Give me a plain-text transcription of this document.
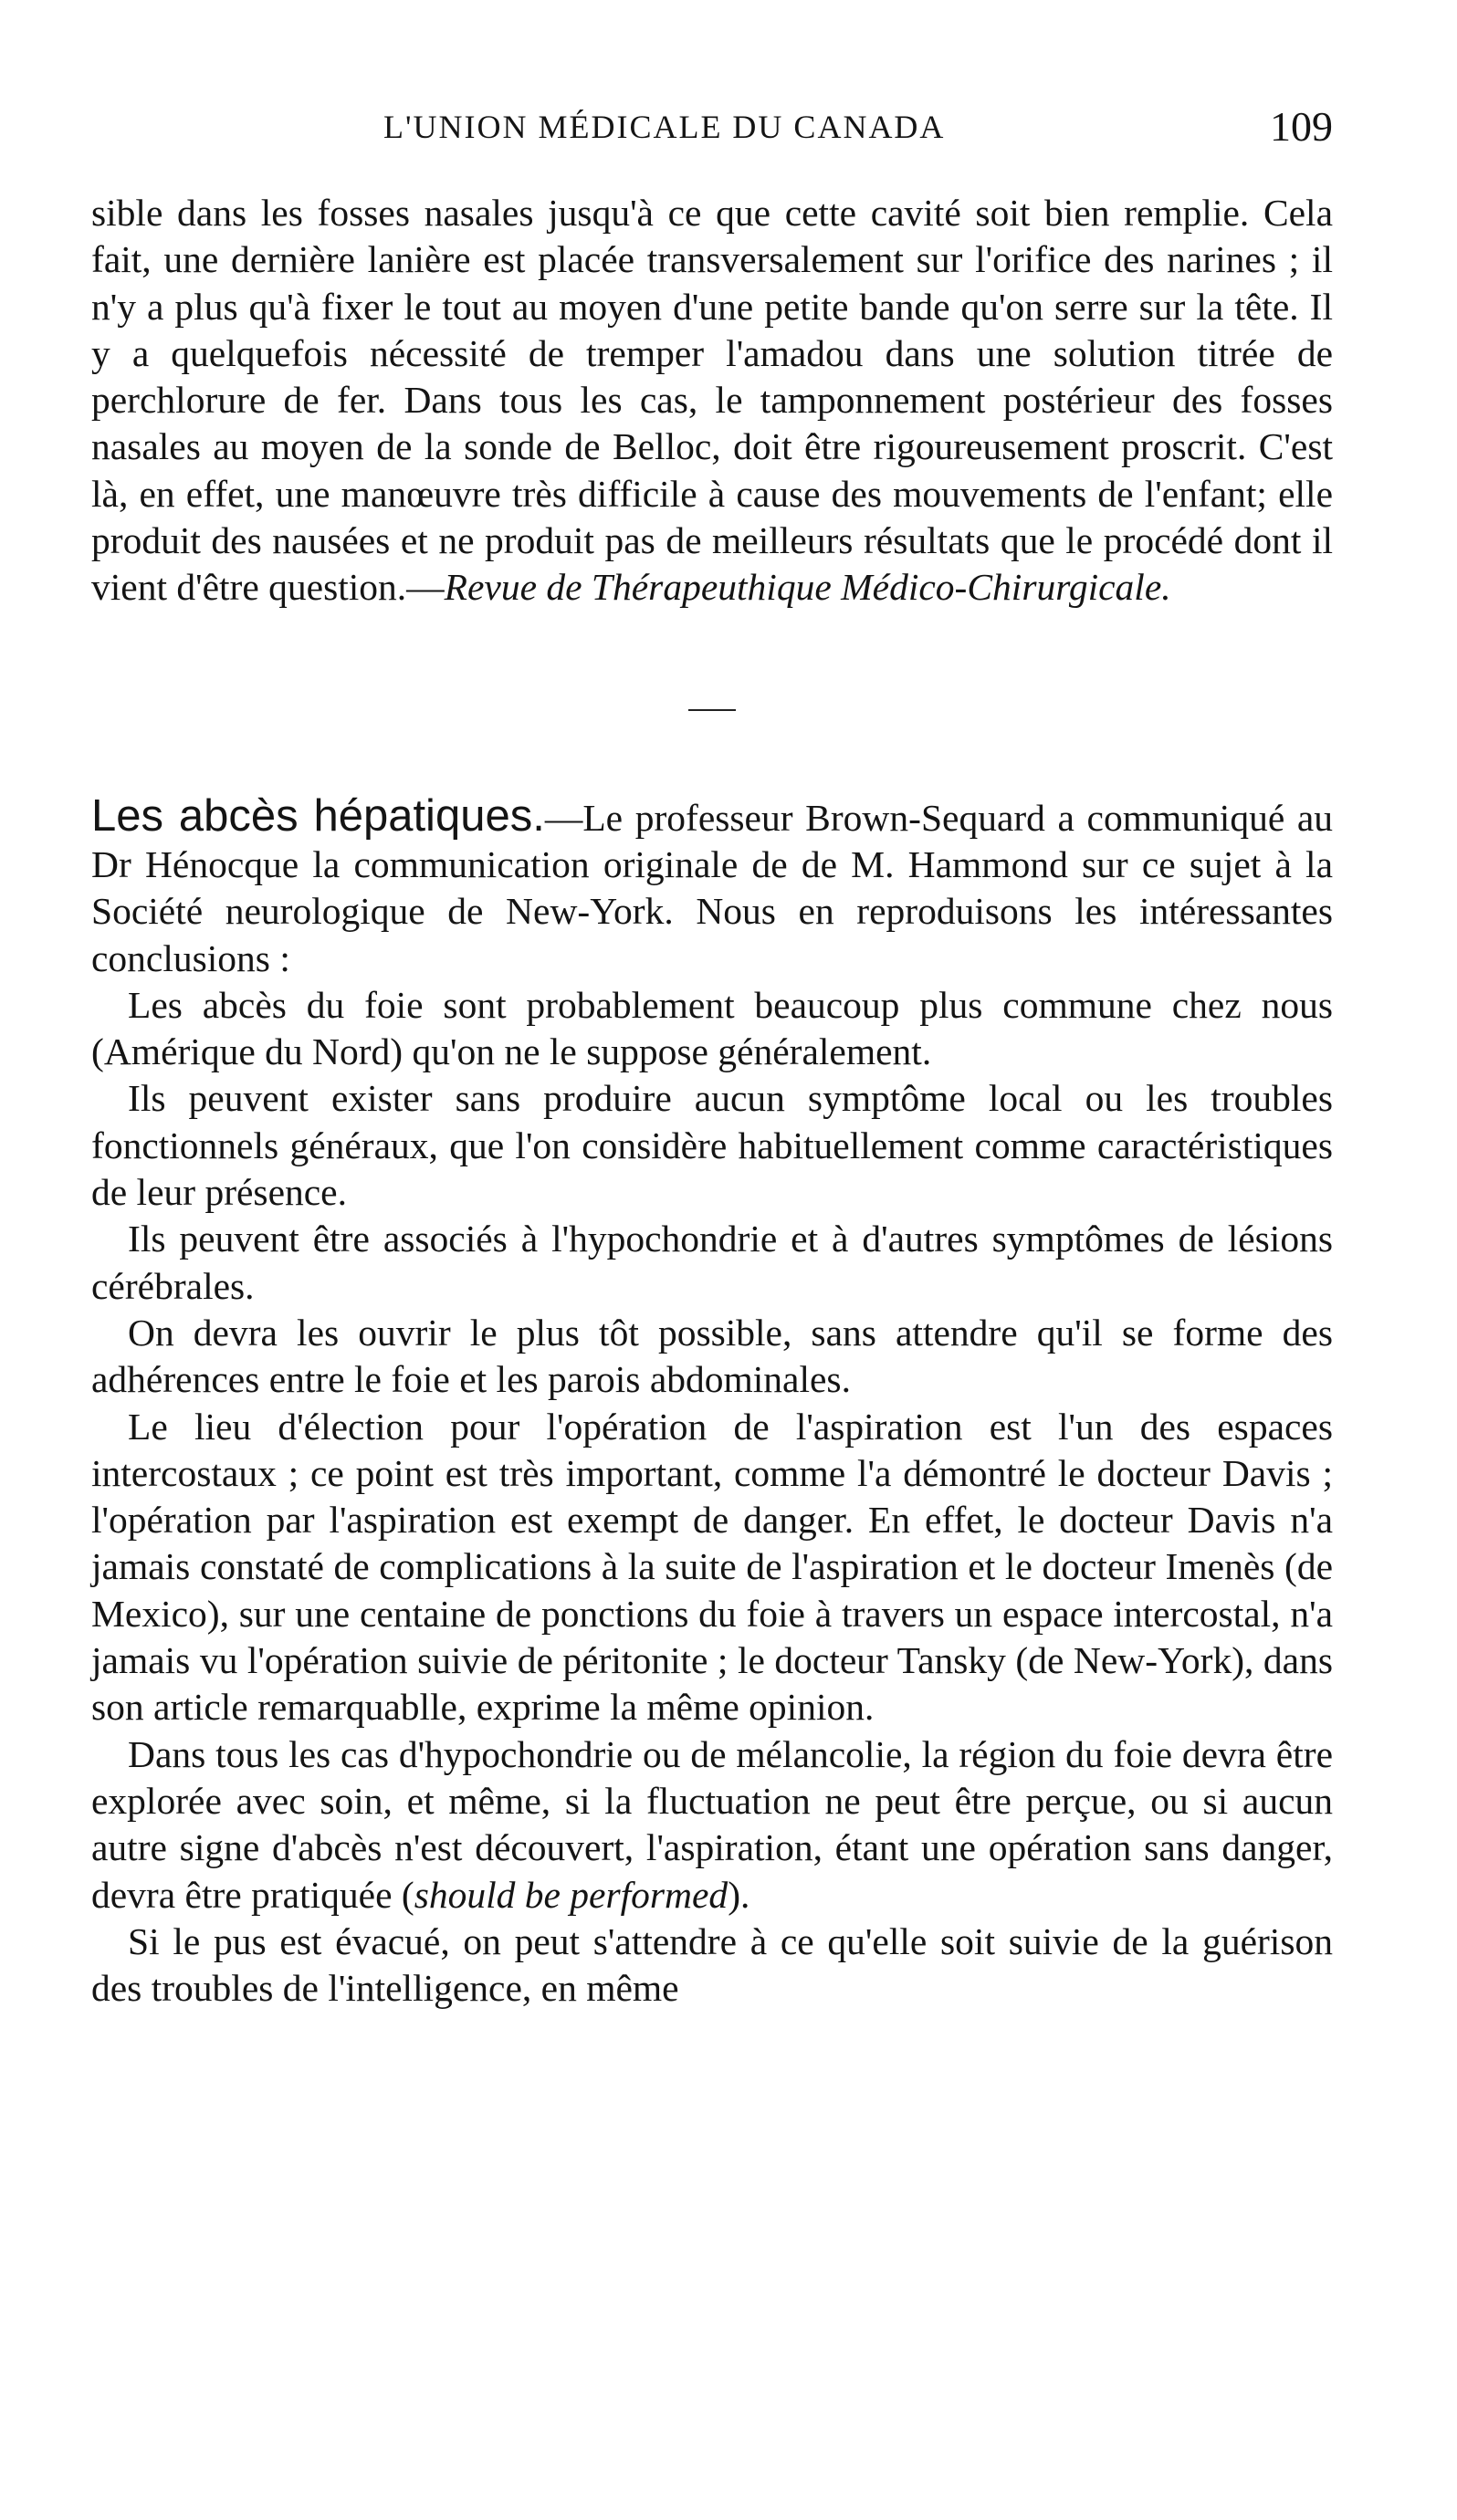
L'UNION MÉDICALE DU CANADA	109

sible dans les fosses nasales jusqu'à ce que cette cavité soit bien remplie. Cela fait, une dernière lanière est placée transversalement sur l'orifice des narines ; il n'y a plus qu'à fixer le tout au moyen d'une petite bande qu'on serre sur la tête. Il y a quelquefois nécessité de tremper l'amadou dans une solution titrée de perchlorure de fer. Dans tous les cas, le tamponnement postérieur des fosses nasales au moyen de la sonde de Belloc, doit être rigoureusement proscrit. C'est là, en effet, une manœuvre très difficile à cause des mouvements de l'enfant; elle produit des nausées et ne produit pas de meilleurs résultats que le procédé dont il vient d'être question.—Revue de Thérapeuthique Médico-Chirurgicale.

Les abcès hépatiques.—Le professeur Brown-Sequard a communiqué au Dr Hénocque la communication originale de de M. Hammond sur ce sujet à la Société neurologique de New-York. Nous en reproduisons les intéressantes conclusions :

Les abcès du foie sont probablement beaucoup plus commune chez nous (Amérique du Nord) qu'on ne le suppose généralement.

Ils peuvent exister sans produire aucun symptôme local ou les troubles fonctionnels généraux, que l'on considère habituellement comme caractéristiques de leur présence.

Ils peuvent être associés à l'hypochondrie et à d'autres symptômes de lésions cérébrales.

On devra les ouvrir le plus tôt possible, sans attendre qu'il se forme des adhérences entre le foie et les parois abdominales.

Le lieu d'élection pour l'opération de l'aspiration est l'un des espaces intercostaux ; ce point est très important, comme l'a démontré le docteur Davis ; l'opération par l'aspiration est exempt de danger. En effet, le docteur Davis n'a jamais constaté de complications à la suite de l'aspiration et le docteur Imenès (de Mexico), sur une centaine de ponctions du foie à travers un espace intercostal, n'a jamais vu l'opération suivie de péritonite ; le docteur Tansky (de New-York), dans son article remarquablle, exprime la même opinion.

Dans tous les cas d'hypochondrie ou de mélancolie, la région du foie devra être explorée avec soin, et même, si la fluctuation ne peut être perçue, ou si aucun autre signe d'abcès n'est découvert, l'aspiration, étant une opération sans danger, devra être pratiquée (should be performed).

Si le pus est évacué, on peut s'attendre à ce qu'elle soit suivie de la guérison des troubles de l'intelligence, en même
